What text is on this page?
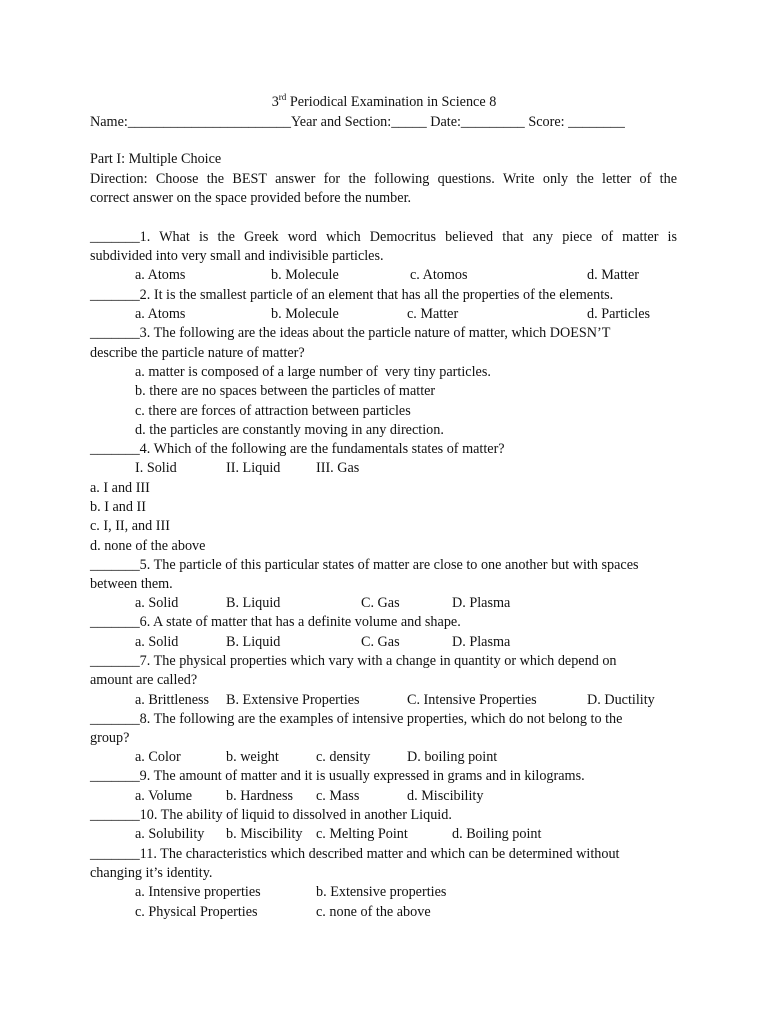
3rd Periodical Examination in Science 8
Name:_______________________Year and Section:_____ Date:_________ Score: ________
Part I: Multiple Choice
Direction: Choose the BEST answer for the following questions. Write only the letter of the
correct answer on the space provided before the number.
_______1. What is the Greek word which Democritus believed that any piece of matter is
subdivided into very small and indivisible particles.
a. Atoms	b. Molecule	c. Atomos	d. Matter
_______2. It is the smallest particle of an element that has all the properties of the elements.
a. Atoms	b. Molecule	c. Matter	d. Particles
_______3. The following are the ideas about the particle nature of matter, which DOESN’T
describe the particle nature of matter?
a. matter is composed of a large number of  very tiny particles.
b. there are no spaces between the particles of matter
c. there are forces of attraction between particles
d. the particles are constantly moving in any direction.
_______4. Which of the following are the fundamentals states of matter?
I. Solid	II. Liquid	III. Gas
a. I and III
b. I and II
c. I, II, and III
d. none of the above
_______5. The particle of this particular states of matter are close to one another but with spaces
between them.
a. Solid	B. Liquid	C. Gas	D. Plasma
_______6. A state of matter that has a definite volume and shape.
a. Solid	B. Liquid	C. Gas	D. Plasma
_______7. The physical properties which vary with a change in quantity or which depend on
amount are called?
a. Brittleness B. Extensive Properties	C. Intensive Properties	D. Ductility
_______8. The following are the examples of intensive properties, which do not belong to the
group?
a. Color	b. weight	c. density	D. boiling point
_______9. The amount of matter and it is usually expressed in grams and in kilograms.
a. Volume b. Hardness c. Mass	d. Miscibility
_______10. The ability of liquid to dissolved in another Liquid.
a. Solubility b. Miscibility c. Melting Point	d. Boiling point
_______11. The characteristics which described matter and which can be determined without
changing it’s identity.
a. Intensive properties	b. Extensive properties
c. Physical Properties	c. none of the above
